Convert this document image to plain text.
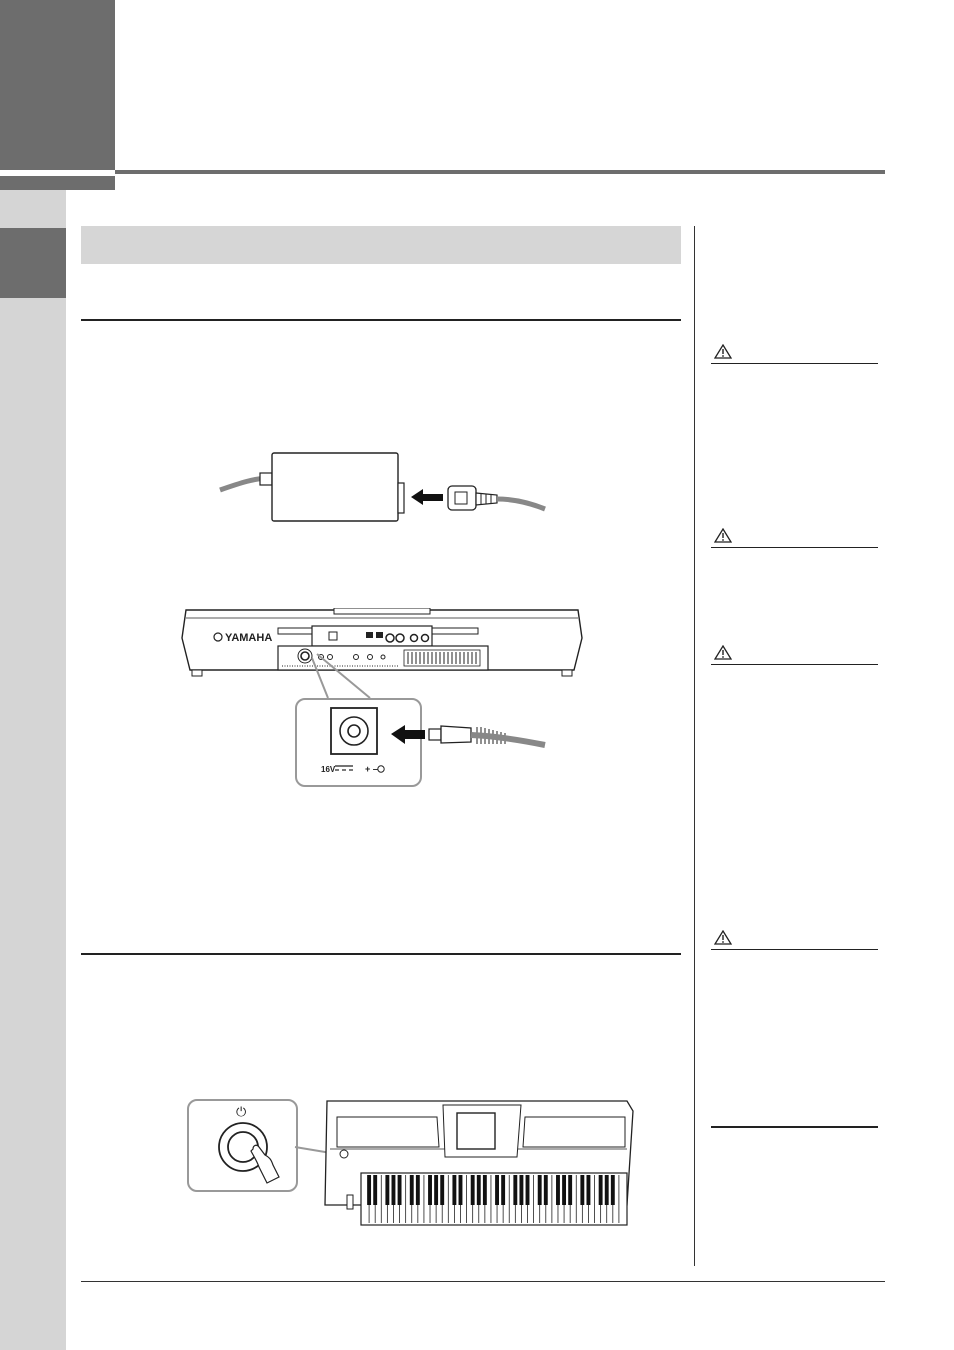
YAMAHA
16V	+ –
⏻
